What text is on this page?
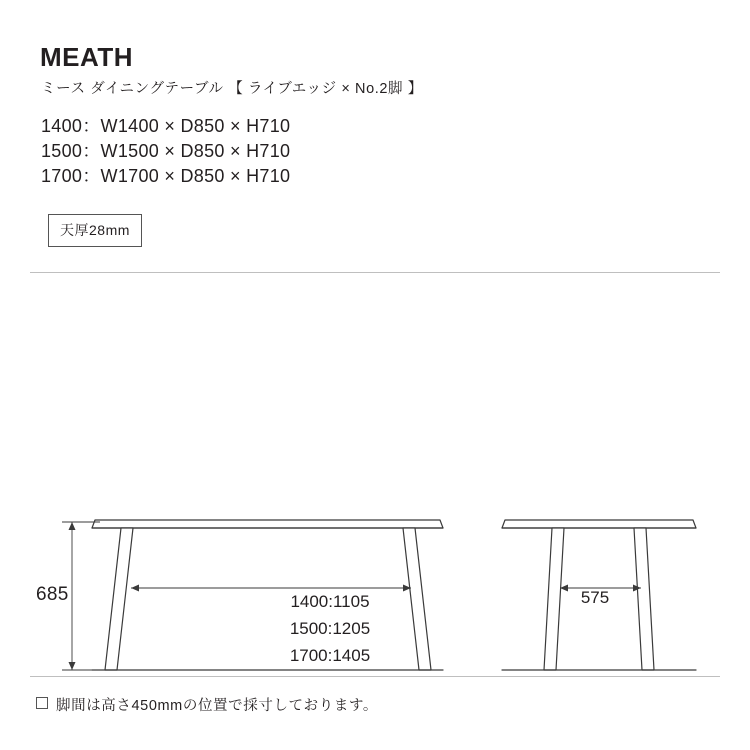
MEATH
ミース ダイニングテーブル 【 ライブエッジ × No.2脚 】
1400：W1400 × D850 × H710
1500：W1500 × D850 × H710
1700：W1700 × D850 × H710
天厚28mm
685	1400:1105
1500:1205
1700:1405
575
脚間は高さ450mmの位置で採寸しております。
